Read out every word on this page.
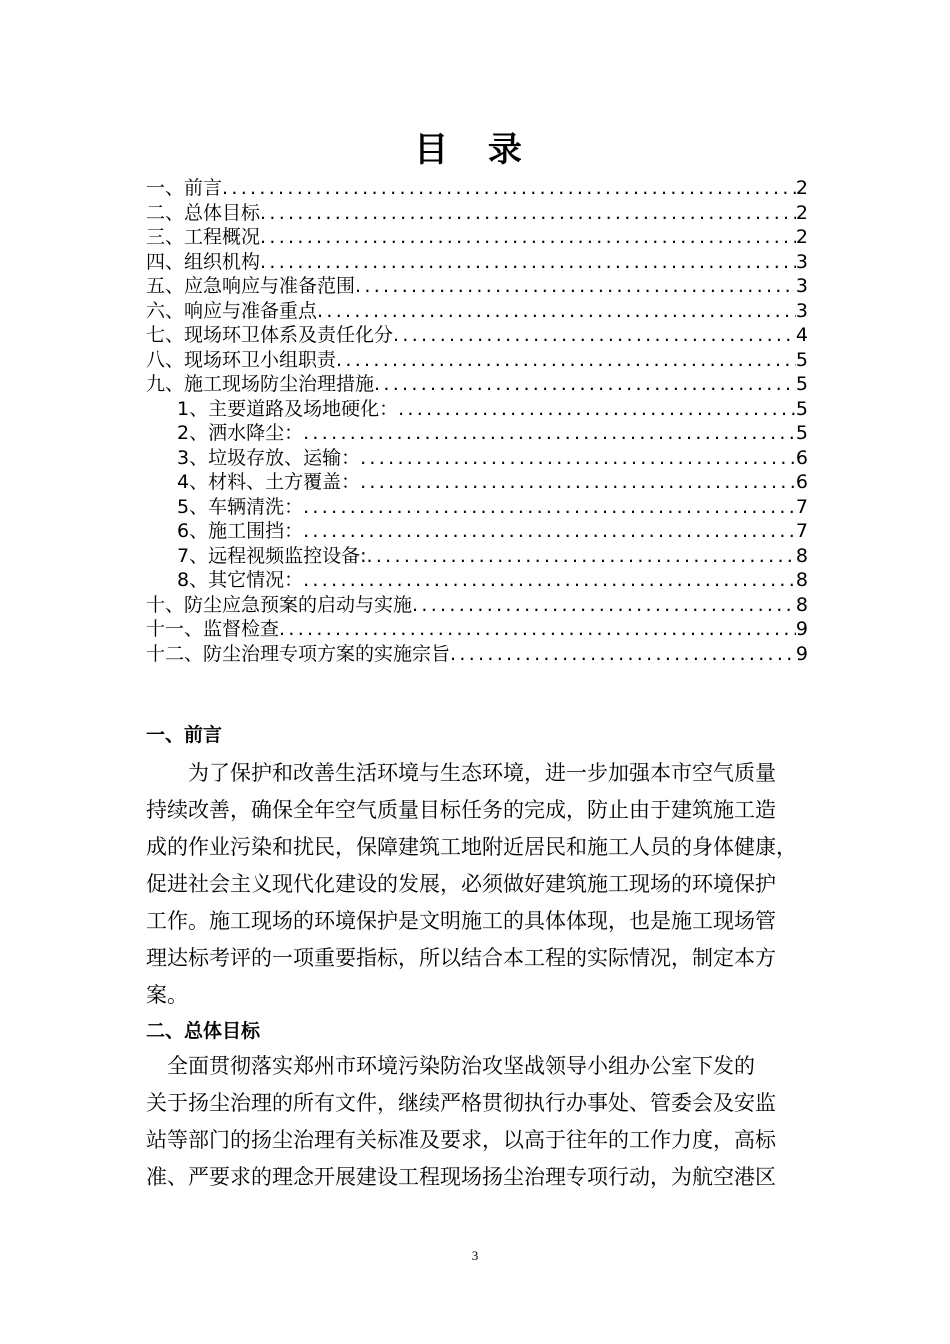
目 录
一、前言 .....	2
二、总体目标 .....	2
三、工程概况 .....	2
四、组织机构 .....	3
五、应急响应与准备范围 .....	3
六、响应与准备重点 .....	3
七、现场环卫体系及责任化分 .....	4
八、现场环卫小组职责 .....	5
九、施工现场防尘治理措施 .....	5
1、主要道路及场地硬化： .....	5
2、洒水降尘： .....	5
3、垃圾存放、运输： .....	6
4、材料、土方覆盖： .....	6
5、车辆清洗： .....	7
6、施工围挡： .....	7
7、远程视频监控设备: .....	8
8、其它情况： .....	8
十、防尘应急预案的启动与实施 .....	8
十一、监督检查 .....	9
十二、防尘治理专项方案的实施宗旨 .....	9
一、前言

为了保护和改善生活环境与生态环境，进一步加强本市空气质量

持续改善，确保全年空气质量目标任务的完成，防止由于建筑施工造

成的作业污染和扰民，保障建筑工地附近居民和施工人员的身体健康，

促进社会主义现代化建设的发展，必须做好建筑施工现场的环境保护

工作。施工现场的环境保护是文明施工的具体体现，也是施工现场管

理达标考评的一项重要指标，所以结合本工程的实际情况，制定本方

案。

二、总体目标

全面贯彻落实郑州市环境污染防治攻坚战领导小组办公室下发的

关于扬尘治理的所有文件，继续严格贯彻执行办事处、管委会及安监

站等部门的扬尘治理有关标准及要求，以高于往年的工作力度，高标

准、严要求的理念开展建设工程现场扬尘治理专项行动，为航空港区

3
